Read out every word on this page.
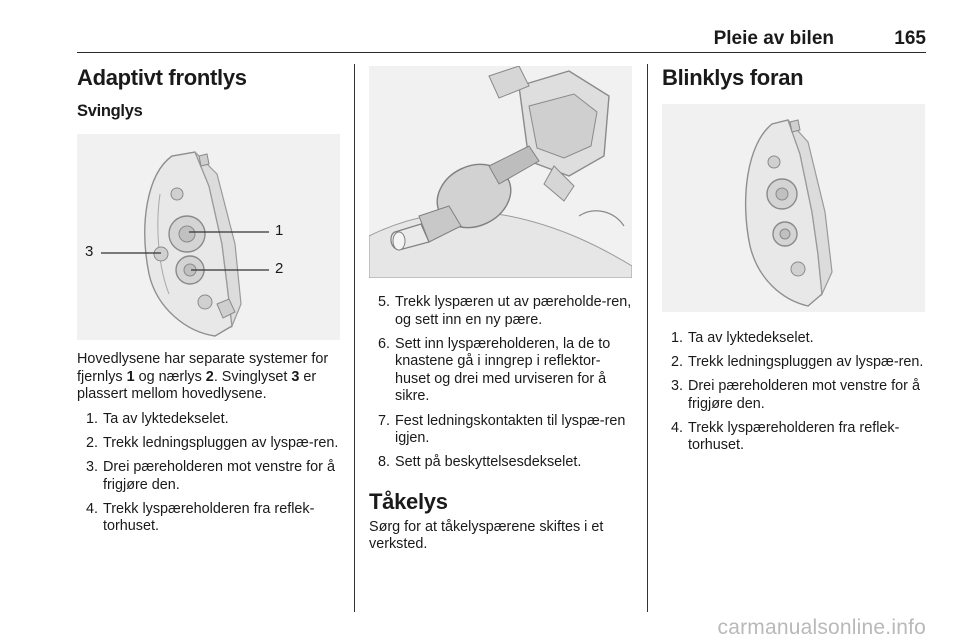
Pleie av bilen	165
Adaptivt frontlys
Svinglys
1
2
3

Hovedlysene har separate systemer for fjernlys 1 og nærlys 2. Svinglyset 3 er plassert mellom hovedlysene.

1. Ta av lyktedekselet.
2. Trekk ledningspluggen av lyspæ-ren.
3. Drei pæreholderen mot venstre for å frigjøre den.
4. Trekk lyspæreholderen fra reflek-torhuset.
5. Trekk lyspæren ut av pæreholde-ren, og sett inn en ny pære.
6. Sett inn lyspæreholderen, la de to knastene gå i inngrep i reflektor-huset og drei med urviseren for å sikre.
7. Fest ledningskontakten til lyspæ-ren igjen.
8. Sett på beskyttelsesdekselet.
Tåkelys

Sørg for at tåkelyspærene skiftes i et verksted.

Blinklys foran
1. Ta av lyktedekselet.
2. Trekk ledningspluggen av lyspæ-ren.
3. Drei pæreholderen mot venstre for å frigjøre den.
4. Trekk lyspæreholderen fra reflek-torhuset.
carmanualsonline.info
